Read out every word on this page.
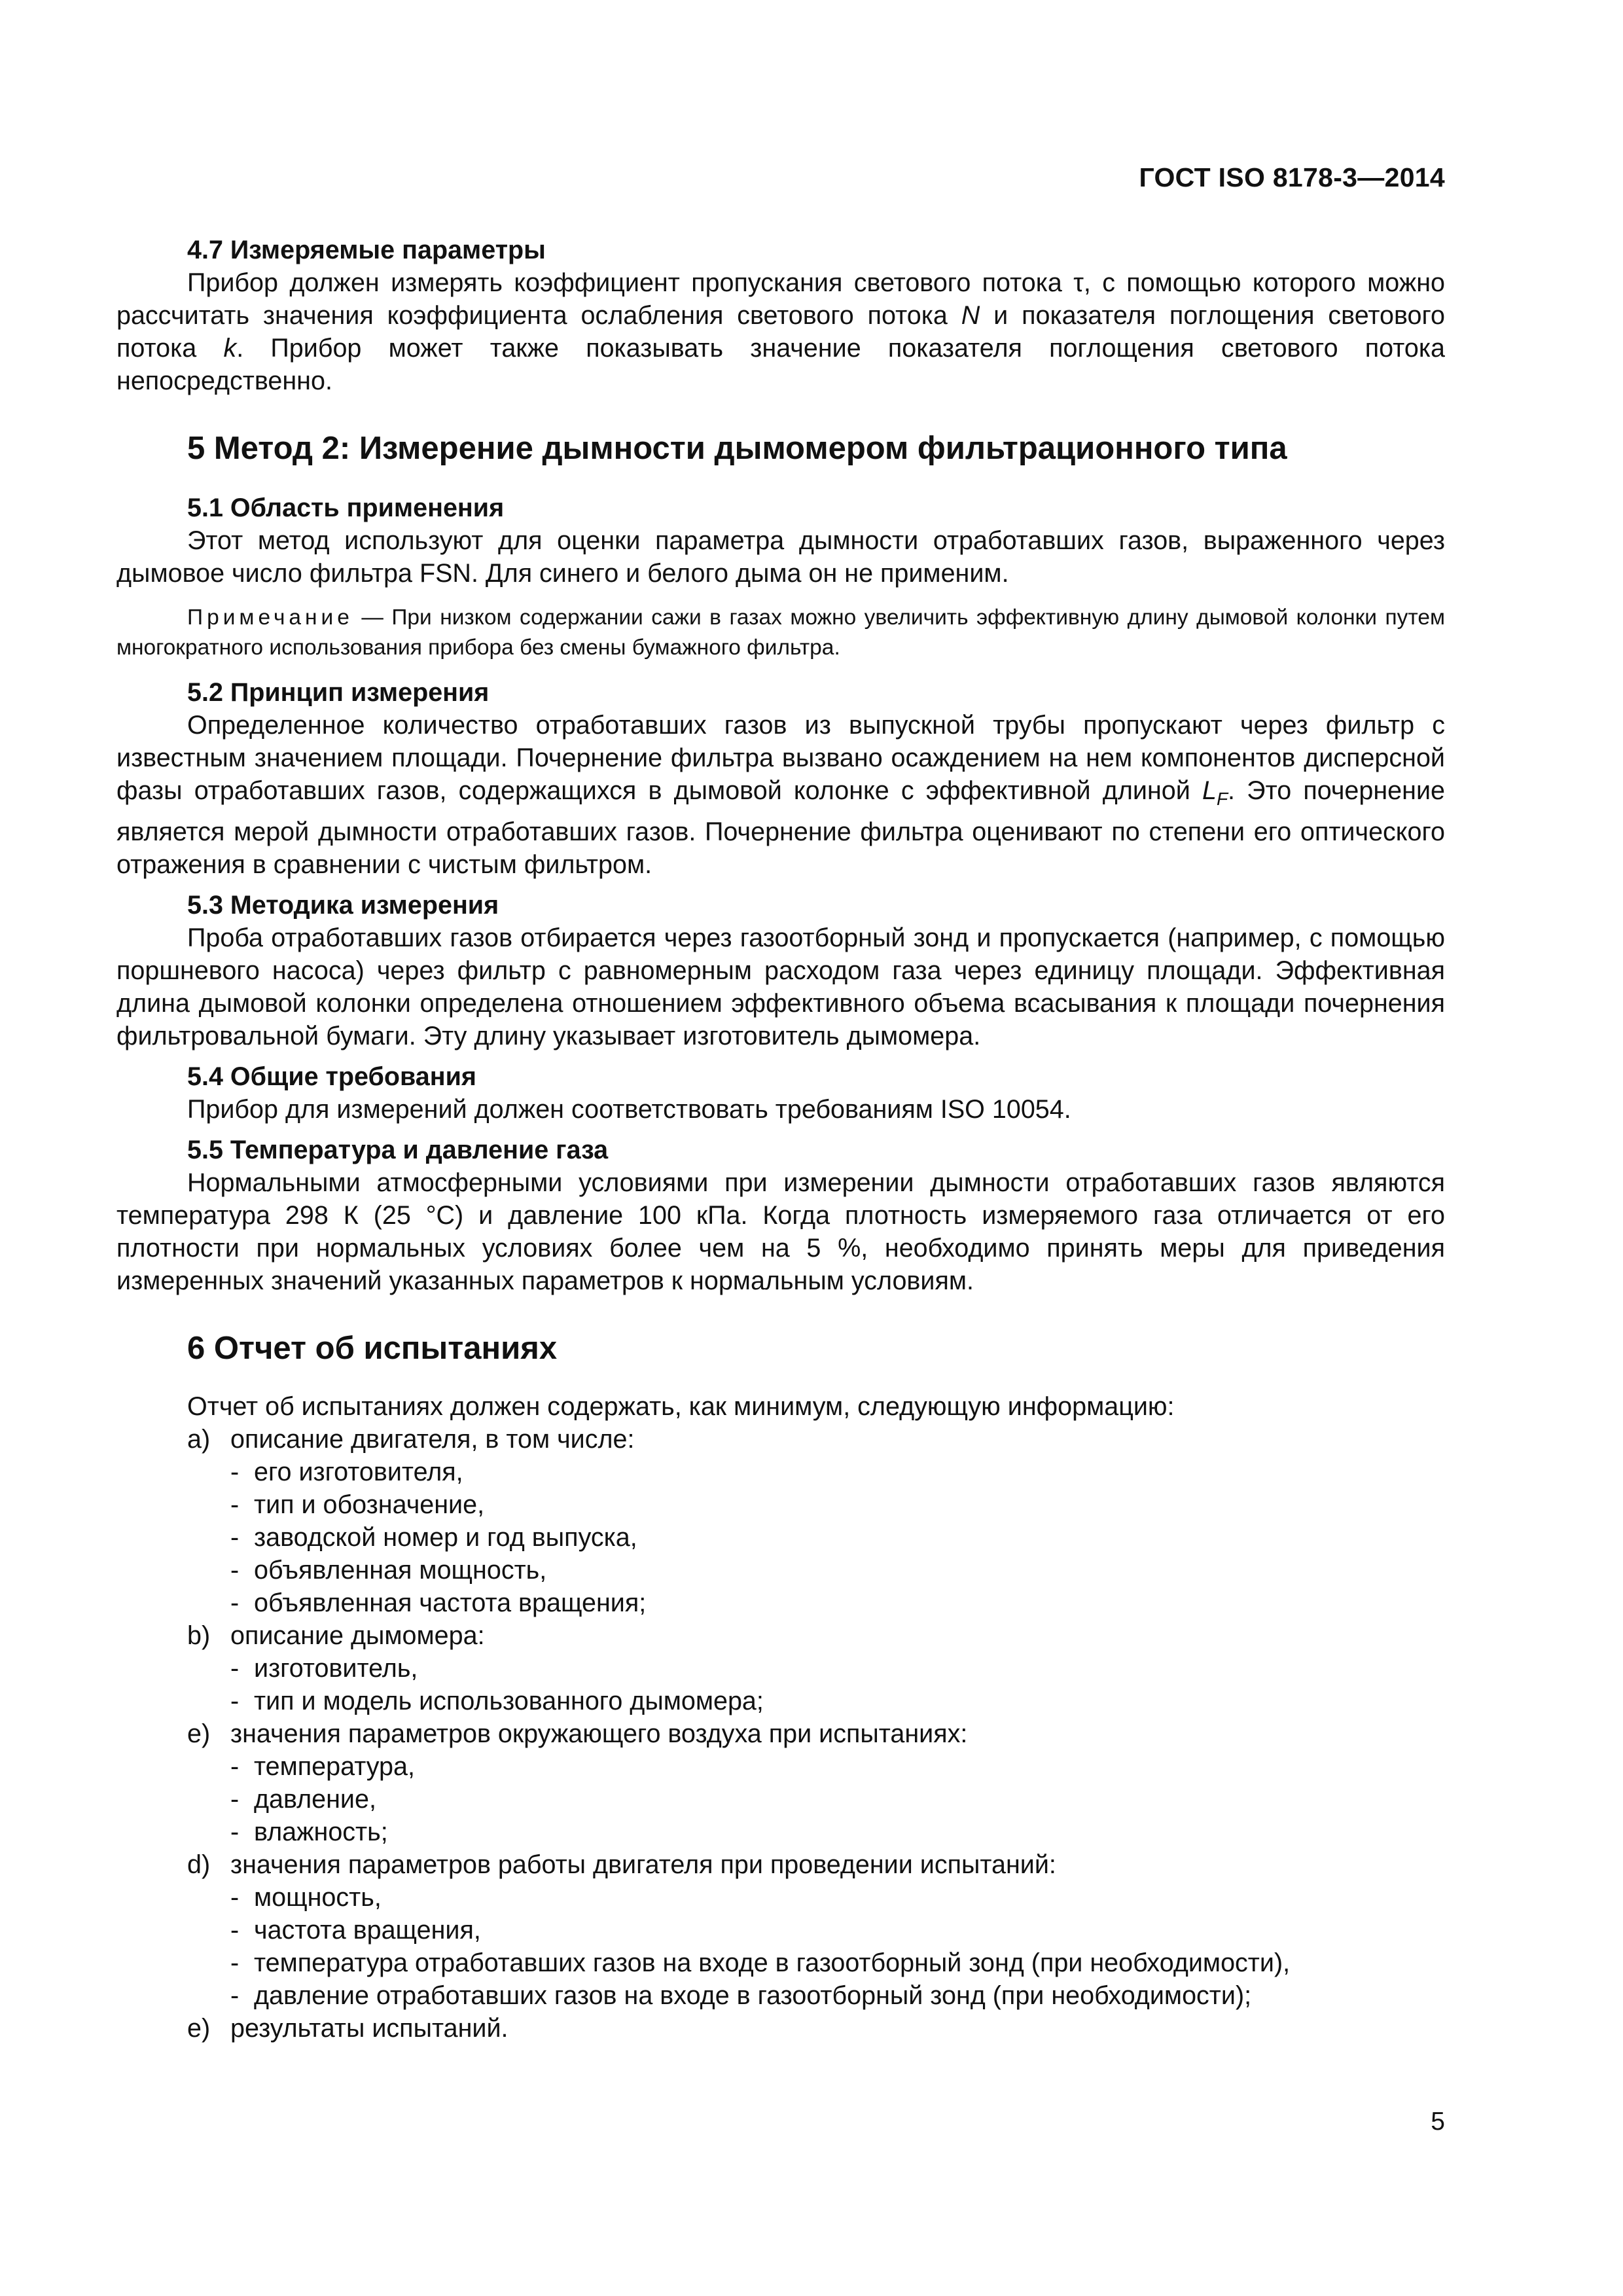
ГОСТ ISO 8178-3—2014

4.7 Измеряемые параметры

Прибор должен измерять коэффициент пропускания светового потока τ, с помощью которого можно рассчитать значения коэффициента ослабления светового потока N и показателя поглощения светового потока k. Прибор может также показывать значение показателя поглощения светового потока непосредственно.

5 Метод 2: Измерение дымности дымомером фильтрационного типа

5.1 Область применения

Этот метод используют для оценки параметра дымности отработавших газов, выраженного через дымовое число фильтра FSN. Для синего и белого дыма он не применим.

Примечание — При низком содержании сажи в газах можно увеличить эффективную длину дымовой колонки путем многократного использования прибора без смены бумажного фильтра.

5.2 Принцип измерения

Определенное количество отработавших газов из выпускной трубы пропускают через фильтр с известным значением площади. Почернение фильтра вызвано осаждением на нем компонентов дисперсной фазы отработавших газов, содержащихся в дымовой колонке с эффективной длиной $L_F$. Это почернение является мерой дымности отработавших газов. Почернение фильтра оценивают по степени его оптического отражения в сравнении с чистым фильтром.

5.3 Методика измерения

Проба отработавших газов отбирается через газоотборный зонд и пропускается (например, с помощью поршневого насоса) через фильтр с равномерным расходом газа через единицу площади. Эффективная длина дымовой колонки определена отношением эффективного объема всасывания к площади почернения фильтровальной бумаги. Эту длину указывает изготовитель дымомера.

5.4 Общие требования

Прибор для измерений должен соответствовать требованиям ISO 10054.

5.5 Температура и давление газа

Нормальными атмосферными условиями при измерении дымности отработавших газов являются температура 298 К (25 °C) и давление 100 кПа. Когда плотность измеряемого газа отличается от его плотности при нормальных условиях более чем на 5 %, необходимо принять меры для приведения измеренных значений указанных параметров к нормальным условиям.

6 Отчет об испытаниях

Отчет об испытаниях должен содержать, как минимум, следующую информацию:

а) описание двигателя, в том числе:

- его изготовителя,

- тип и обозначение,

- заводской номер и год выпуска,

- объявленная мощность,

- объявленная частота вращения;

b) описание дымомера:

- изготовитель,

- тип и модель использованного дымомера;

е) значения параметров окружающего воздуха при испытаниях:

- температура,

- давление,

- влажность;

d) значения параметров работы двигателя при проведении испытаний:

- мощность,

- частота вращения,

- температура отработавших газов на входе в газоотборный зонд (при необходимости),

- давление отработавших газов на входе в газоотборный зонд (при необходимости);

е) результаты испытаний.

5
